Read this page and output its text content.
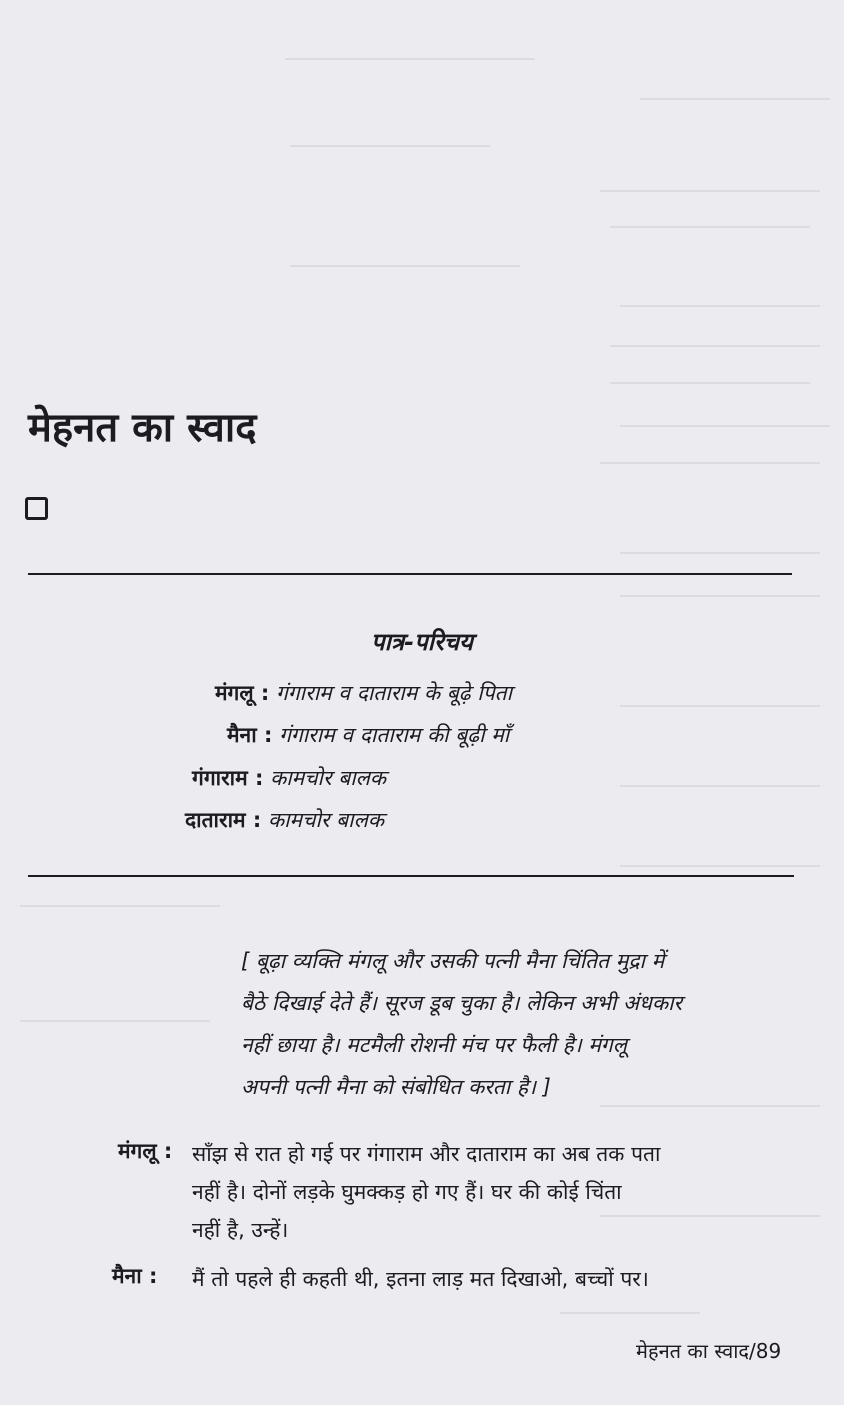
मेहनत का स्वाद
पात्र-परिचय
मंगलू : गंगाराम व दाताराम के बूढ़े पिता
मैना : गंगाराम व दाताराम की बूढ़ी माँ
गंगाराम : कामचोर बालक
दाताराम : कामचोर बालक
[ बूढ़ा व्यक्ति मंगलू और उसकी पत्नी मैना चिंतित मुद्रा में
बैठे दिखाई देते हैं। सूरज डूब चुका है। लेकिन अभी अंधकार
नहीं छाया है। मटमैली रोशनी मंच पर फैली है। मंगलू
अपनी पत्नी मैना को संबोधित करता है। ]
मंगलू : साँझ से रात हो गई पर गंगाराम और दाताराम का अब तक पता
नहीं है। दोनों लड़के घुमक्कड़ हो गए हैं। घर की कोई चिंता
नहीं है, उन्हें।
मैना : मैं तो पहले ही कहती थी, इतना लाड़ मत दिखाओ, बच्चों पर।
मेहनत का स्वाद/89
